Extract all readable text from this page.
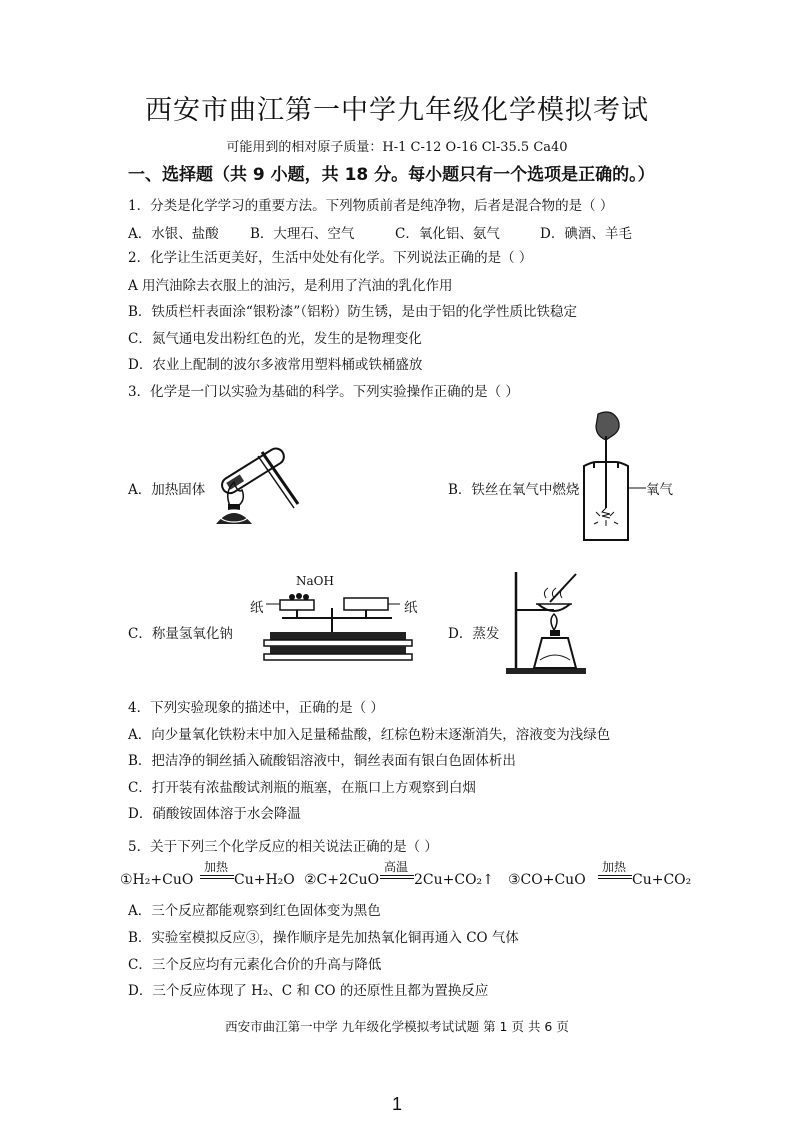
西安市曲江第一中学九年级化学模拟考试
可能用到的相对原子质量：H-1 C-12 O-16 Cl-35.5 Ca40
一、选择题（共 9 小题，共 18 分。每小题只有一个选项是正确的。）
1．分类是化学学习的重要方法。下列物质前者是纯净物，后者是混合物的是（ ）
A．水银、盐酸 B．大理石、空气	C．氧化铝、氨气	D．碘酒、羊毛
2．化学让生活更美好，生活中处处有化学。下列说法正确的是（ ）
A 用汽油除去衣服上的油污，是利用了汽油的乳化作用
B．铁质栏杆表面涂“银粉漆”（铝粉）防生锈，是由于铝的化学性质比铁稳定
C．氮气通电发出粉红色的光，发生的是物理变化
D．农业上配制的波尔多液常用塑料桶或铁桶盛放
3．化学是一门以实验为基础的科学。下列实验操作正确的是（ ）
A．加热固体	B．铁丝在氧气中燃烧
C．称量氢氧化钠	D．蒸发
氧气
NaOH
纸	纸
4．下列实验现象的描述中，正确的是（ ）
A．向少量氧化铁粉末中加入足量稀盐酸，红棕色粉末逐渐消失，溶液变为浅绿色
B．把洁净的铜丝插入硫酸铝溶液中，铜丝表面有银白色固体析出
C．打开装有浓盐酸试剂瓶的瓶塞，在瓶口上方观察到白烟
D．硝酸铵固体溶于水会降温
5．关于下列三个化学反应的相关说法正确的是（ ）
①H₂+CuO
加热
Cu+H₂O ②C+2CuO
高温
2Cu+CO₂↑ ③CO+CuO
加热
Cu+CO₂
A．三个反应都能观察到红色固体变为黑色
B．实验室模拟反应③，操作顺序是先加热氧化铜再通入 CO 气体
C．三个反应均有元素化合价的升高与降低
D．三个反应体现了 H₂、C 和 CO 的还原性且都为置换反应
西安市曲江第一中学 九年级化学模拟考试试题 第 1 页 共 6 页
1
